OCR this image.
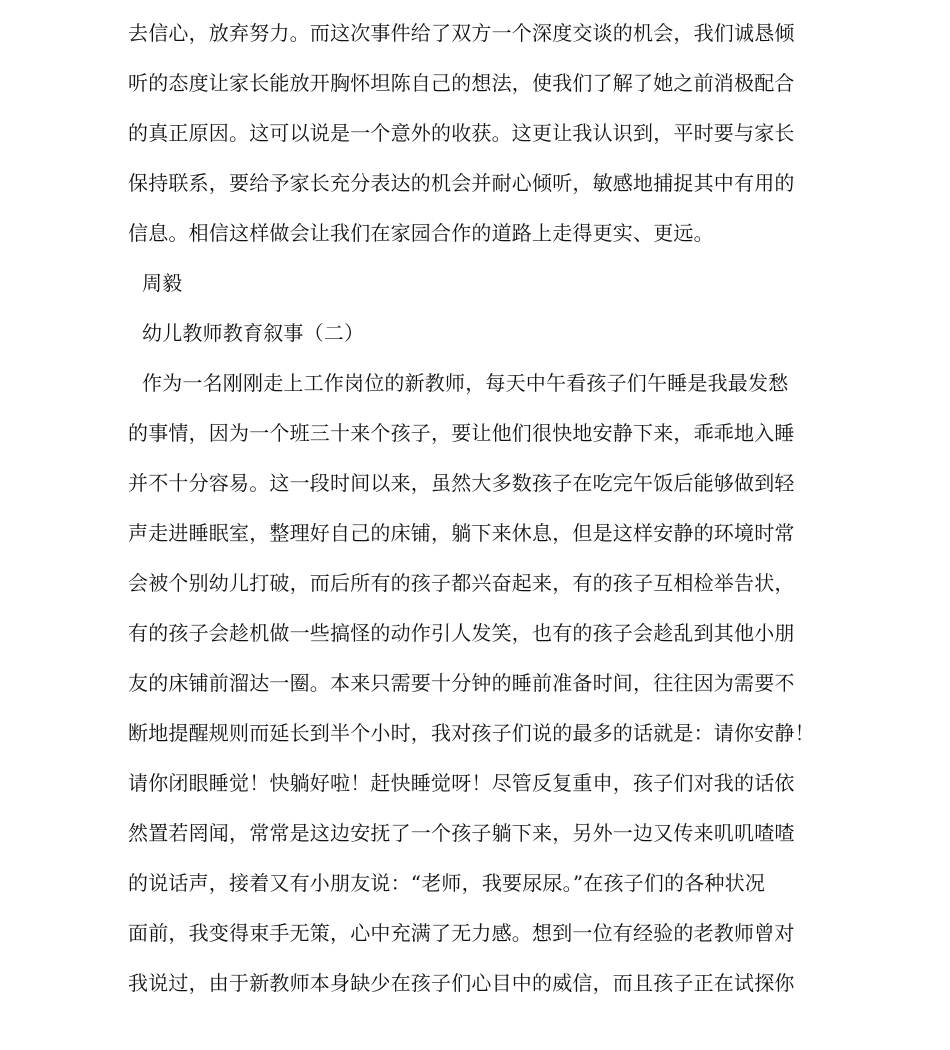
去信心，放弃努力。而这次事件给了双方一个深度交谈的机会，我们诚恳倾
听的态度让家长能放开胸怀坦陈自己的想法，使我们了解了她之前消极配合
的真正原因。这可以说是一个意外的收获。这更让我认识到，平时要与家长
保持联系，要给予家长充分表达的机会并耐心倾听，敏感地捕捉其中有用的
信息。相信这样做会让我们在家园合作的道路上走得更实、更远。
周毅
幼儿教师教育叙事（二）
作为一名刚刚走上工作岗位的新教师，每天中午看孩子们午睡是我最发愁
的事情，因为一个班三十来个孩子，要让他们很快地安静下来，乖乖地入睡
并不十分容易。这一段时间以来，虽然大多数孩子在吃完午饭后能够做到轻
声走进睡眠室，整理好自己的床铺，躺下来休息，但是这样安静的环境时常
会被个别幼儿打破，而后所有的孩子都兴奋起来，有的孩子互相检举告状，
有的孩子会趁机做一些搞怪的动作引人发笑，也有的孩子会趁乱到其他小朋
友的床铺前溜达一圈。本来只需要十分钟的睡前准备时间，往往因为需要不
断地提醒规则而延长到半个小时，我对孩子们说的最多的话就是：请你安静！
请你闭眼睡觉！快躺好啦！赶快睡觉呀！尽管反复重申，孩子们对我的话依
然置若罔闻，常常是这边安抚了一个孩子躺下来，另外一边又传来叽叽喳喳
的说话声，接着又有小朋友说：“老师，我要尿尿。”在孩子们的各种状况
面前，我变得束手无策，心中充满了无力感。想到一位有经验的老教师曾对
我说过，由于新教师本身缺少在孩子们心目中的威信，而且孩子正在试探你
